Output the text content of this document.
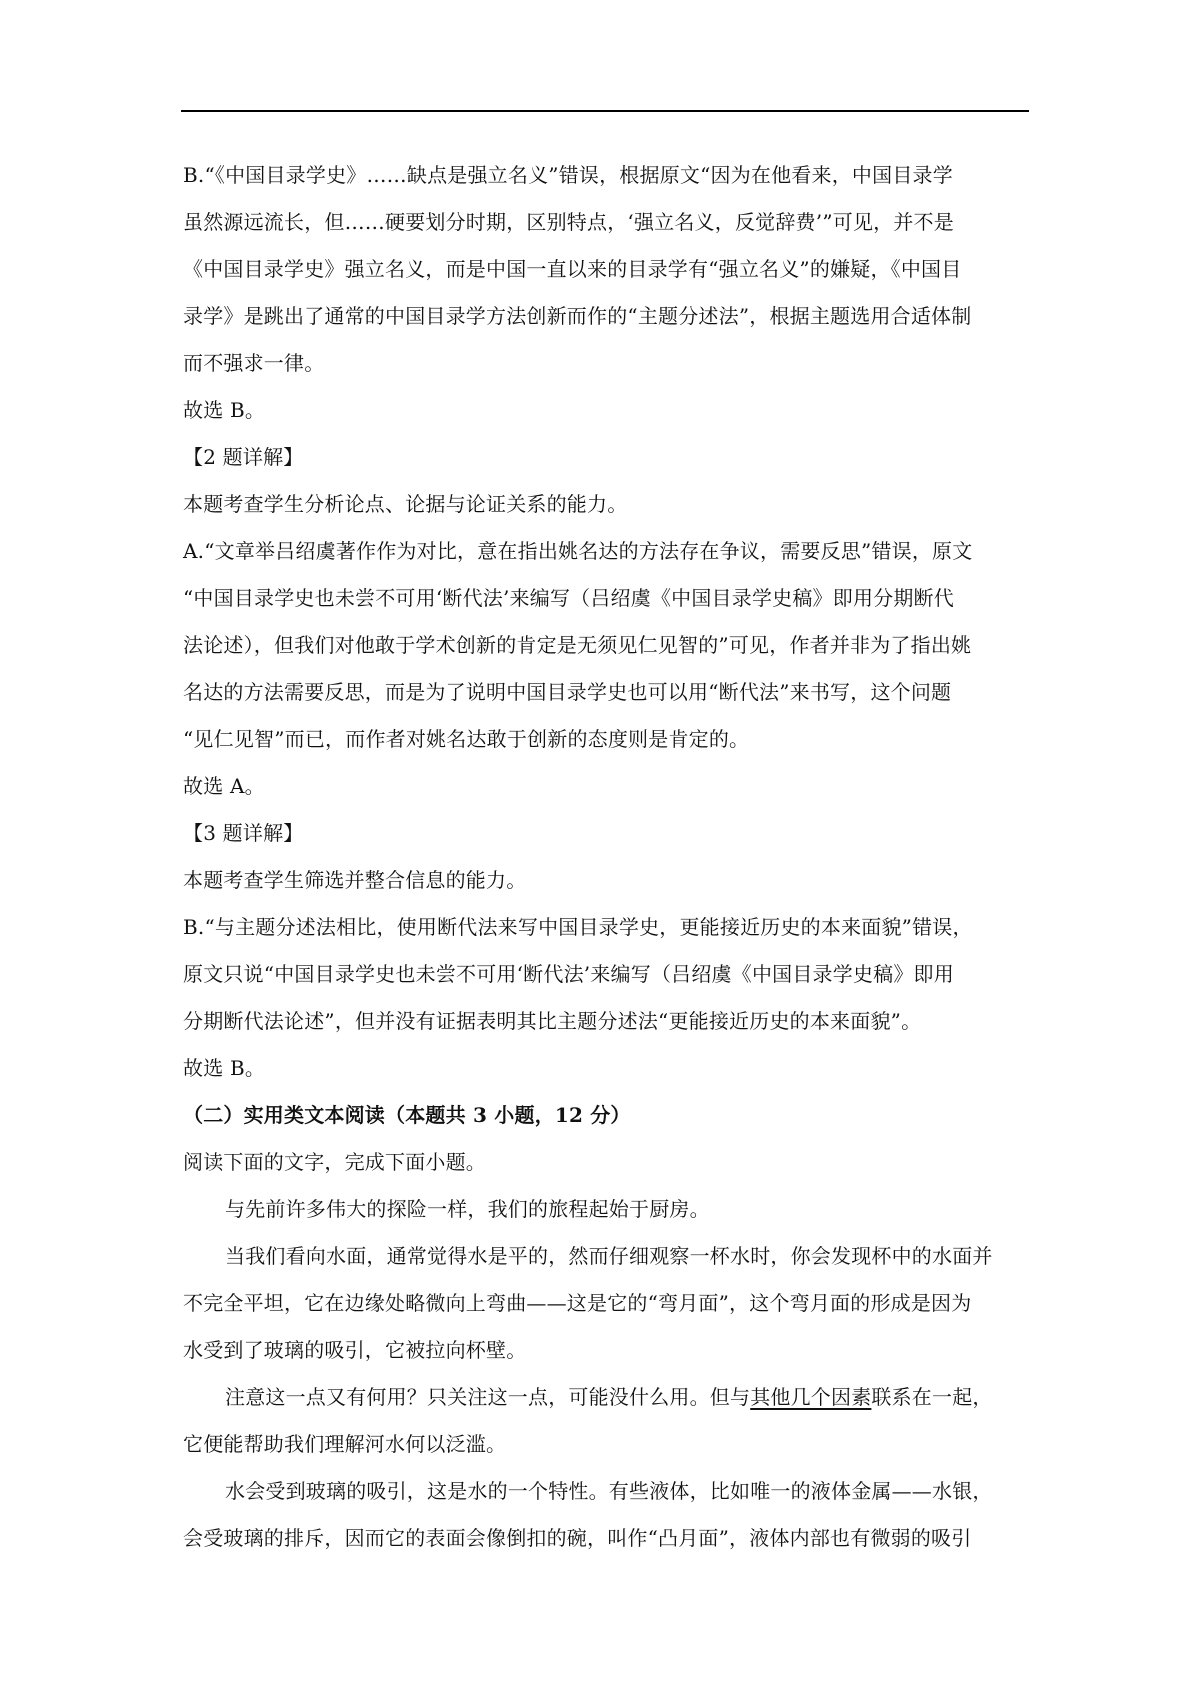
B.“《中国目录学史》……缺点是强立名义”错误，根据原文“因为在他看来，中国目录学
虽然源远流长，但……硬要划分时期，区别特点，‘强立名义，反觉辞费’”可见，并不是
《中国目录学史》强立名义，而是中国一直以来的目录学有“强立名义”的嫌疑，《中国目
录学》是跳出了通常的中国目录学方法创新而作的“主题分述法”，根据主题选用合适体制
而不强求一律。
故选 B。
【2 题详解】
本题考查学生分析论点、论据与论证关系的能力。
A.“文章举吕绍虞著作作为对比，意在指出姚名达的方法存在争议，需要反思”错误，原文
“中国目录学史也未尝不可用‘断代法’来编写（吕绍虞《中国目录学史稿》即用分期断代
法论述），但我们对他敢于学术创新的肯定是无须见仁见智的”可见，作者并非为了指出姚
名达的方法需要反思，而是为了说明中国目录学史也可以用“断代法”来书写，这个问题
“见仁见智”而已，而作者对姚名达敢于创新的态度则是肯定的。
故选 A。
【3 题详解】
本题考查学生筛选并整合信息的能力。
B.“与主题分述法相比，使用断代法来写中国目录学史，更能接近历史的本来面貌”错误，
原文只说“中国目录学史也未尝不可用‘断代法’来编写（吕绍虞《中国目录学史稿》即用
分期断代法论述”，但并没有证据表明其比主题分述法“更能接近历史的本来面貌”。
故选 B。
（二）实用类文本阅读（本题共 3 小题，12 分）
阅读下面的文字，完成下面小题。
与先前许多伟大的探险一样，我们的旅程起始于厨房。
当我们看向水面，通常觉得水是平的，然而仔细观察一杯水时，你会发现杯中的水面并
不完全平坦，它在边缘处略微向上弯曲——这是它的“弯月面”，这个弯月面的形成是因为
水受到了玻璃的吸引，它被拉向杯壁。
注意这一点又有何用？只关注这一点，可能没什么用。但与其他几个因素联系在一起，
它便能帮助我们理解河水何以泛滥。
水会受到玻璃的吸引，这是水的一个特性。有些液体，比如唯一的液体金属——水银，
会受玻璃的排斥，因而它的表面会像倒扣的碗，叫作“凸月面”，液体内部也有微弱的吸引
